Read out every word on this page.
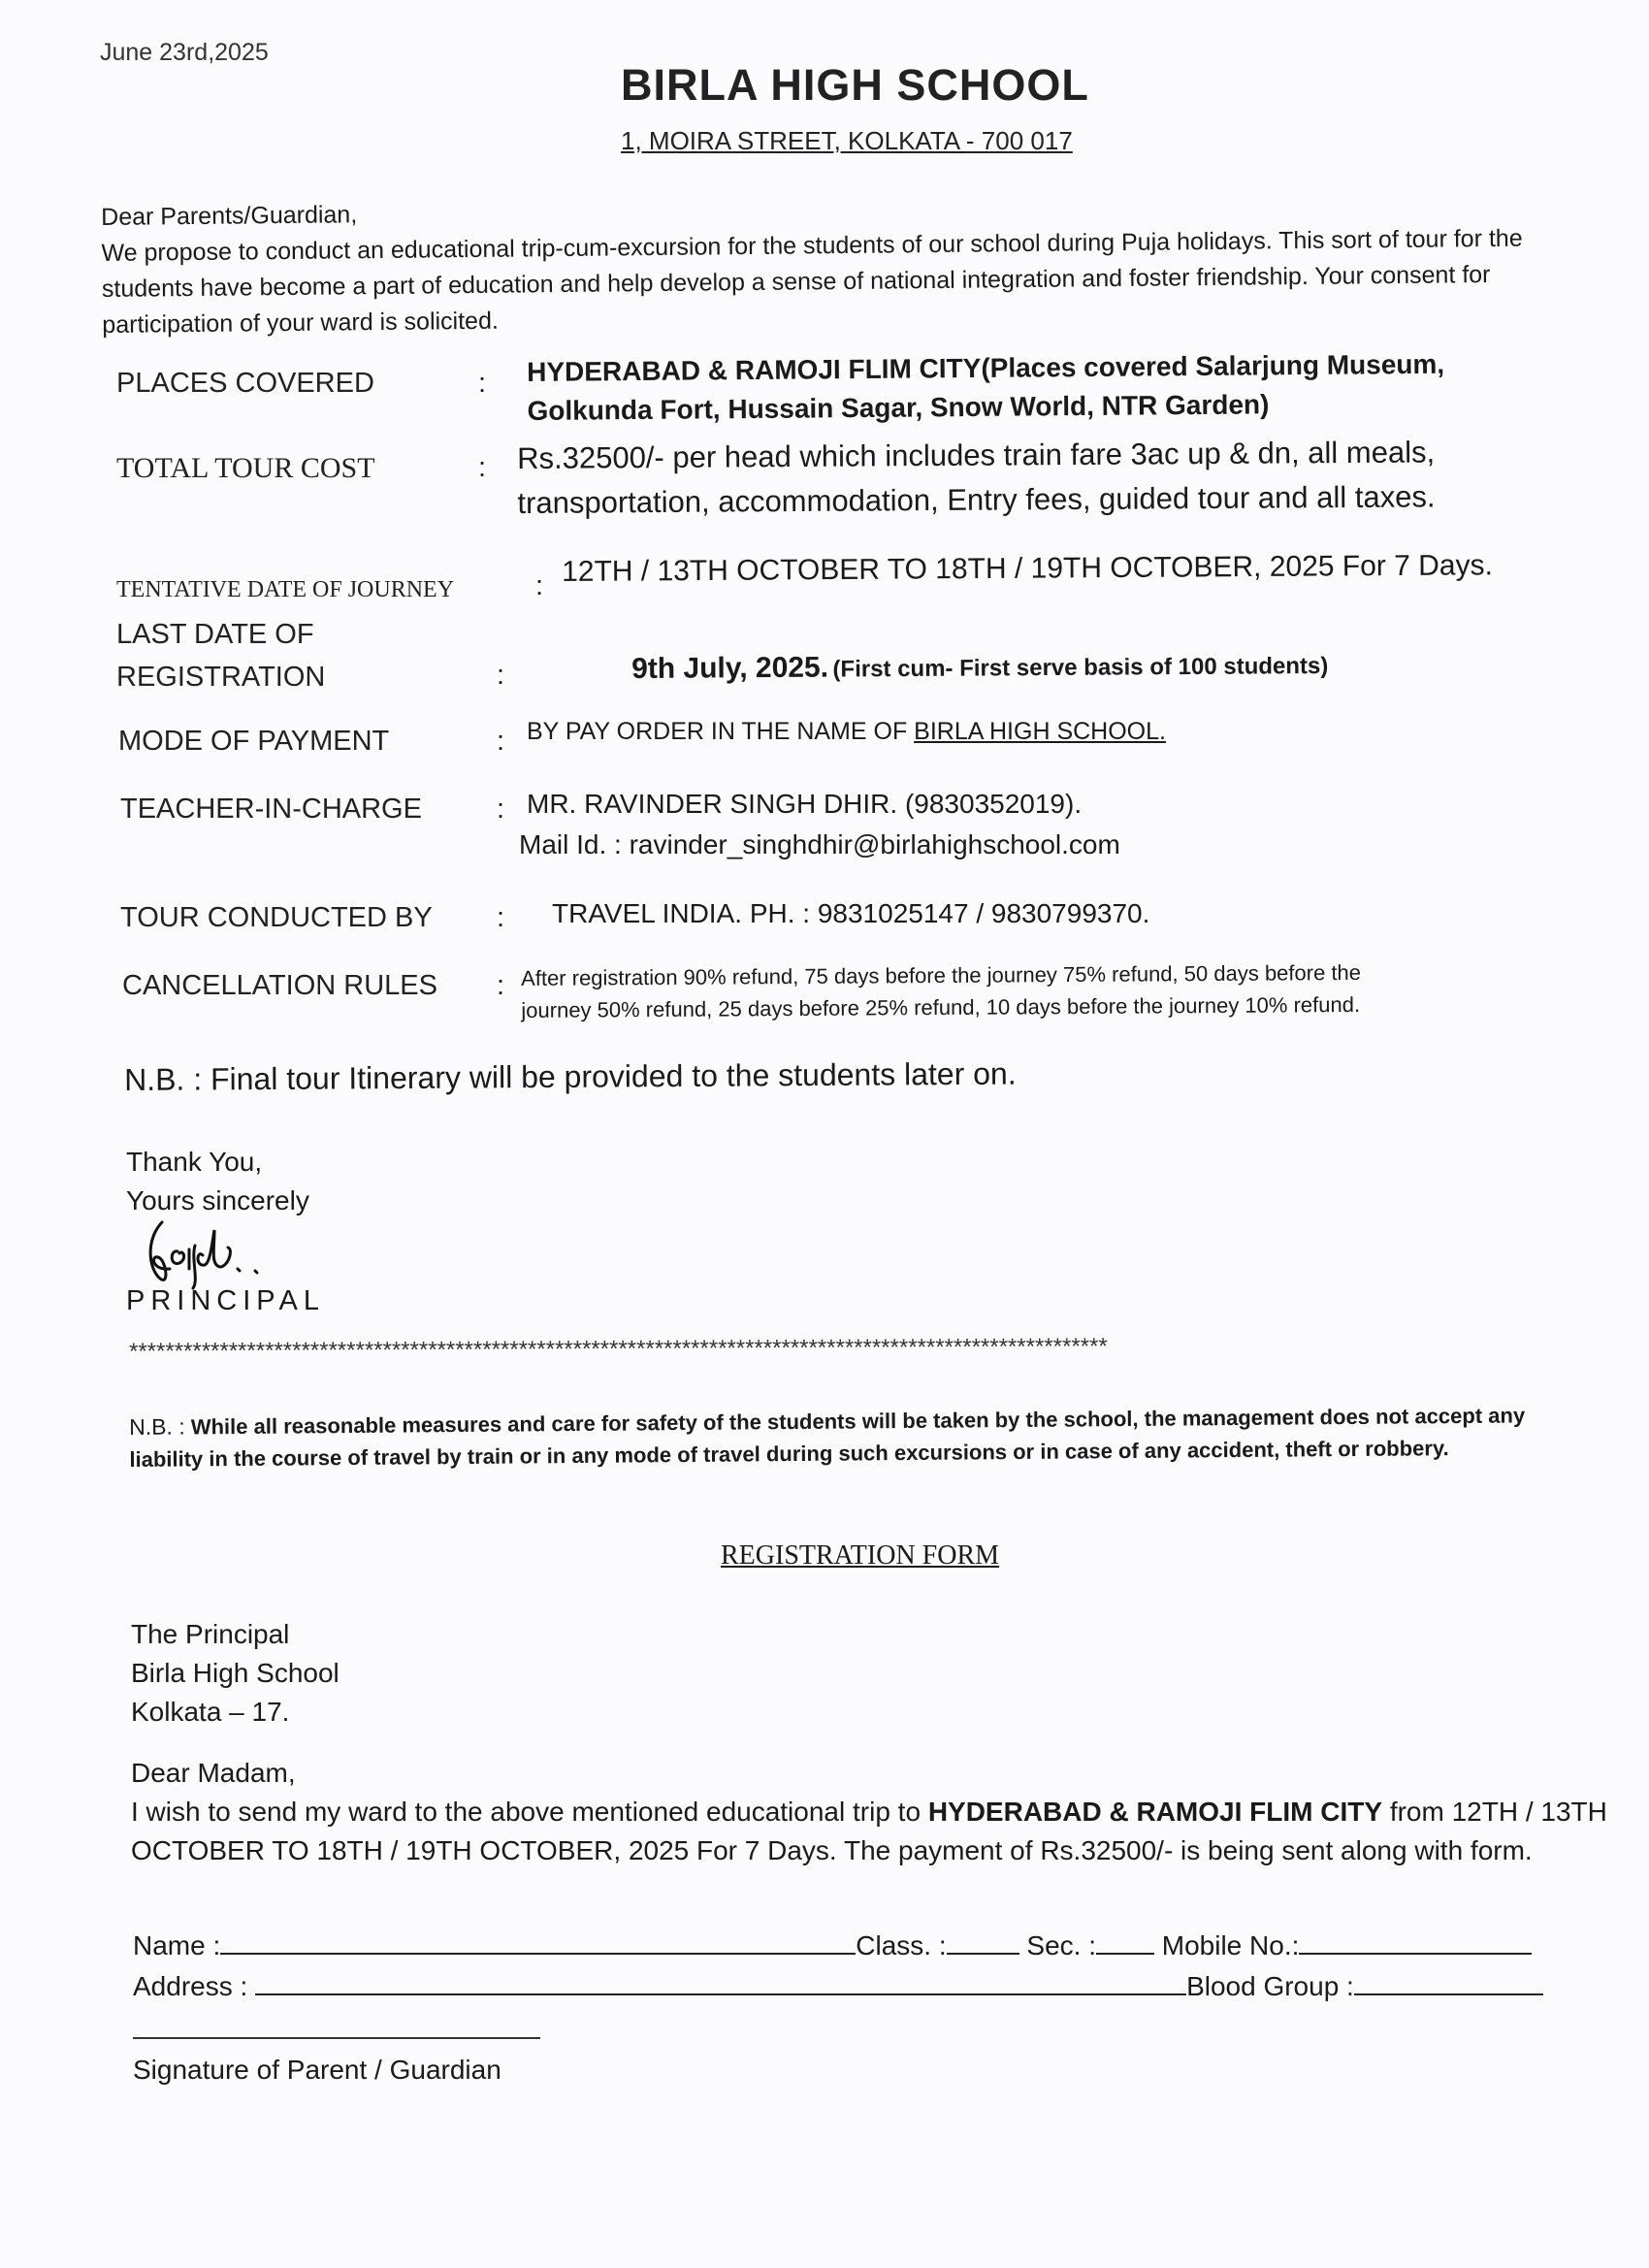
June 23rd,2025
BIRLA HIGH SCHOOL
1, MOIRA STREET, KOLKATA - 700 017
Dear Parents/Guardian,
We propose to conduct an educational trip-cum-excursion for the students of our school during Puja holidays. This sort of tour for the students have become a part of education and help develop a sense of national integration and foster friendship. Your consent for participation of your ward is solicited.
PLACES COVERED	: HYDERABAD & RAMOJI FLIM CITY(Places covered Salarjung Museum,
Golkunda Fort, Hussain Sagar, Snow World, NTR Garden)
TOTAL TOUR COST	: Rs.32500/- per head which includes train fare 3ac up & dn, all meals,
transportation, accommodation, Entry fees, guided tour and all taxes.
TENTATIVE DATE OF JOURNEY	: 12TH / 13TH OCTOBER TO 18TH / 19TH OCTOBER, 2025 For 7 Days.
LAST DATE OF
REGISTRATION	:	9th July, 2025. (First cum- First serve basis of 100 students)
MODE OF PAYMENT	: BY PAY ORDER IN THE NAME OF BIRLA HIGH SCHOOL.
TEACHER-IN-CHARGE	: MR. RAVINDER SINGH DHIR. (9830352019).
Mail Id. : ravinder_singhdhir@birlahighschool.com
TOUR CONDUCTED BY : TRAVEL INDIA. PH. : 9831025147 / 9830799370.
CANCELLATION RULES : After registration 90% refund, 75 days before the journey 75% refund, 50 days before the
journey 50% refund, 25 days before 25% refund, 10 days before the journey 10% refund.
N.B. : Final tour Itinerary will be provided to the students later on.
Thank You,
Yours sincerely
PRINCIPAL
************************************************************************************************************
N.B. : While all reasonable measures and care for safety of the students will be taken by the school, the management does not accept any liability in the course of travel by train or in any mode of travel during such excursions or in case of any accident, theft or robbery.
REGISTRATION FORM
The Principal
Birla High School
Kolkata – 17.
Dear Madam,
I wish to send my ward to the above mentioned educational trip to HYDERABAD & RAMOJI FLIM CITY from 12TH / 13TH OCTOBER TO 18TH / 19TH OCTOBER, 2025 For 7 Days. The payment of Rs.32500/- is being sent along with form.
Name :	Class. :	Sec. : Mobile No.:
Address :	Blood Group :
Signature of Parent / Guardian
